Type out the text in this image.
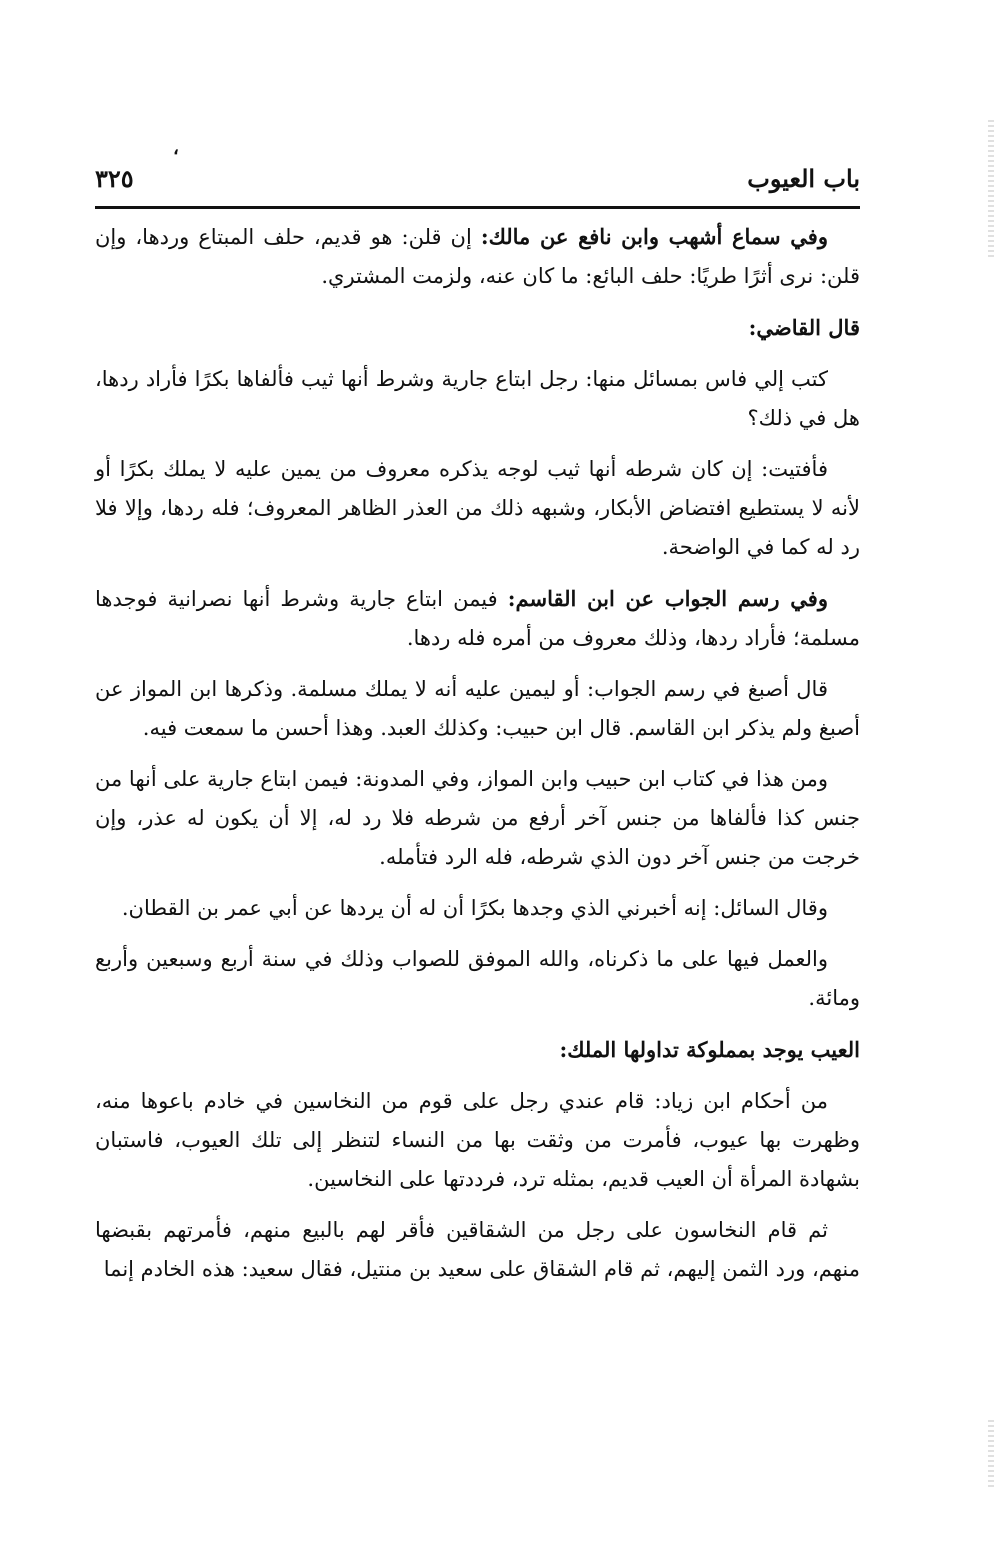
باب العيوب
،
٣٢٥

وفي سماع أشهب وابن نافع عن مالك: إن قلن: هو قديم، حلف المبتاع وردها، وإن قلن: نرى أثرًا طريًا: حلف البائع: ما كان عنه، ولزمت المشتري.

قال القاضي:

كتب إلي فاس بمسائل منها: رجل ابتاع جارية وشرط أنها ثيب فألفاها بكرًا فأراد ردها، هل في ذلك؟

فأفتيت: إن كان شرطه أنها ثيب لوجه يذكره معروف من يمين عليه لا يملك بكرًا أو لأنه لا يستطيع افتضاض الأبكار، وشبهه ذلك من العذر الظاهر المعروف؛ فله ردها، وإلا فلا رد له كما في الواضحة.

وفي رسم الجواب عن ابن القاسم: فيمن ابتاع جارية وشرط أنها نصرانية فوجدها مسلمة؛ فأراد ردها، وذلك معروف من أمره فله ردها.

قال أصبغ في رسم الجواب: أو ليمين عليه أنه لا يملك مسلمة. وذكرها ابن المواز عن أصبغ ولم يذكر ابن القاسم. قال ابن حبيب: وكذلك العبد. وهذا أحسن ما سمعت فيه.

ومن هذا في كتاب ابن حبيب وابن المواز، وفي المدونة: فيمن ابتاع جارية على أنها من جنس كذا فألفاها من جنس آخر أرفع من شرطه فلا رد له، إلا أن يكون له عذر، وإن خرجت من جنس آخر دون الذي شرطه، فله الرد فتأمله.

وقال السائل: إنه أخبرني الذي وجدها بكرًا أن له أن يردها عن أبي عمر بن القطان.

والعمل فيها على ما ذكرناه، والله الموفق للصواب وذلك في سنة أربع وسبعين وأربع ومائة.

العيب يوجد بمملوكة تداولها الملك:

من أحكام ابن زياد: قام عندي رجل على قوم من النخاسين في خادم باعوها منه، وظهرت بها عيوب، فأمرت من وثقت بها من النساء لتنظر إلى تلك العيوب، فاستبان بشهادة المرأة أن العيب قديم، بمثله ترد، فرددتها على النخاسين.

ثم قام النخاسون على رجل من الشقاقين فأقر لهم بالبيع منهم، فأمرتهم بقبضها منهم، ورد الثمن إليهم، ثم قام الشقاق على سعيد بن منتيل، فقال سعيد: هذه الخادم إنما
